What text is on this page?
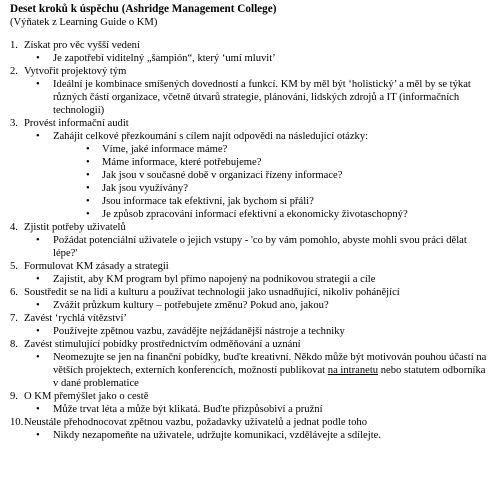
Deset kroků k úspěchu (Ashridge Management College)

(Výňatek z Learning Guide o KM)

1. Získat pro věc vyšší vedení
• Je zapotřebí viditelný „šampión“, který ‘umí mluvit’
2. Vytvořit projektový tým
• Ideální je kombinace smíšených dovedností a funkcí. KM by měl být ‘holistický’ a měl by se týkat různých částí organizace, včetně útvarů strategie, plánování, lidských zdrojů a IT (informačních technologií)
3. Provést informační audit
• Zahájit celkové přezkoumání s cílem najít odpovědi na následující otázky:
• Víme, jaké informace máme?
• Máme informace, které potřebujeme?
• Jak jsou v současné době v organizaci řízeny informace?
• Jak jsou využívány?
• Jsou informace tak efektivní, jak bychom si přáli?
• Je způsob zpracování informací efektivní a ekonomicky životaschopný?
4. Zjistit potřeby uživatelů
• Požádat potenciální uživatele o jejich vstupy - 'co by vám pomohlo, abyste mohli svou práci dělat lépe?'
5. Formulovat KM zásady a strategii
• Zajistit, aby KM program byl přímo napojený na podnikovou strategii a cíle
6. Soustředit se na lidi a kulturu a používat technologii jako usnadňující, nikoliv pohánějící
• Zvážit průzkum kultury – potřebujete změnu? Pokud ano, jakou?
7. Zavést ‘rychlá vítězství’
• Používejte zpětnou vazbu, zavádějte nejžádanější nástroje a techniky
8. Zavést stimulující pobídky prostřednictvím odměňování a uznání
• Neomezujte se jen na finanční pobídky, buďte kreativní. Někdo může být motivován pouhou účastí na větších projektech, externích konferencích, možností publikovat na intranetu nebo statutem odborníka v dané problematice
9. O KM přemýšlet jako o cestě
• Může trvat léta a může být klikatá. Buďte přizpůsobiví a pružní
10. Neustále přehodnocovat zpětnou vazbu, požadavky uživatelů a jednat podle toho
• Nikdy nezapomeňte na uživatele, udržujte komunikaci, vzdělávejte a sdílejte.
